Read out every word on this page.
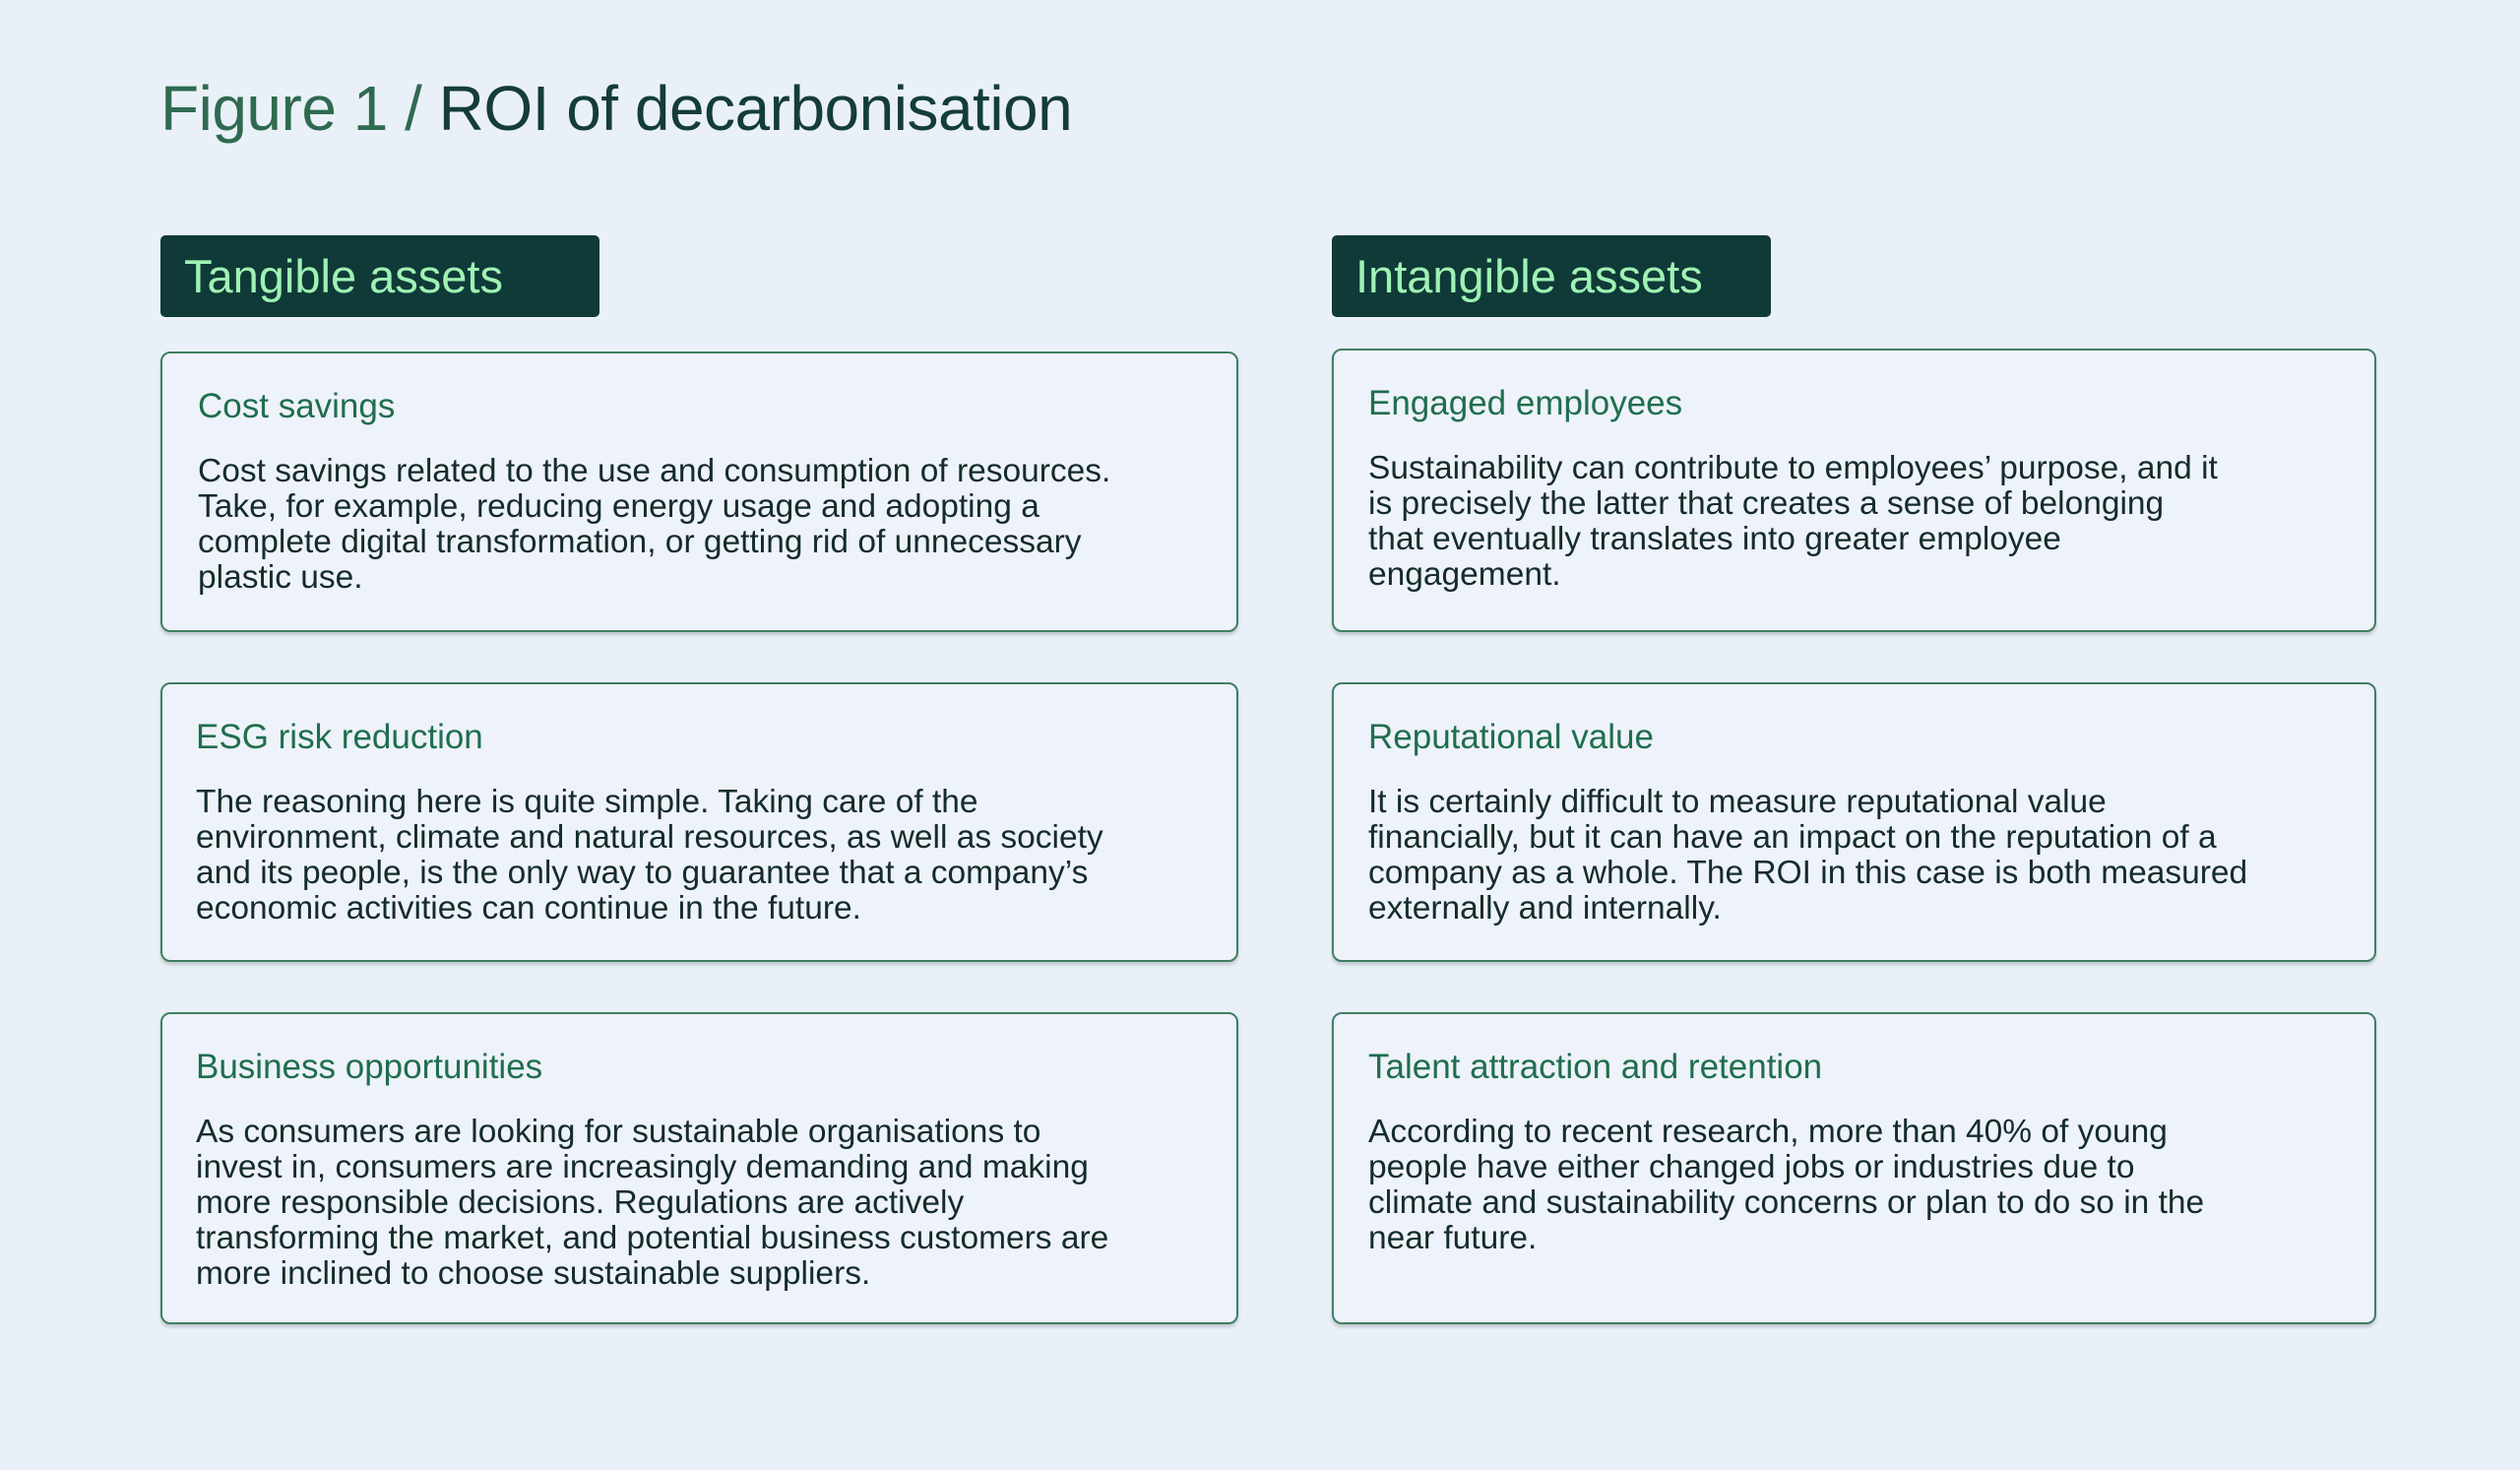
Figure 1 / ROI of decarbonisation
Tangible assets
Cost savings
Cost savings related to the use and consumption of resources.
Take, for example, reducing energy usage and adopting a
complete digital transformation, or getting rid of unnecessary
plastic use.
ESG risk reduction
The reasoning here is quite simple. Taking care of the
environment, climate and natural resources, as well as society
and its people, is the only way to guarantee that a company’s
economic activities can continue in the future.
Business opportunities
As consumers are looking for sustainable organisations to
invest in, consumers are increasingly demanding and making
more responsible decisions. Regulations are actively
transforming the market, and potential business customers are
more inclined to choose sustainable suppliers.
Intangible assets
Engaged employees
Sustainability can contribute to employees’ purpose, and it
is precisely the latter that creates a sense of belonging
that eventually translates into greater employee
engagement.
Reputational value
It is certainly difficult to measure reputational value
financially, but it can have an impact on the reputation of a
company as a whole. The ROI in this case is both measured
externally and internally.
Talent attraction and retention
According to recent research, more than 40% of young
people have either changed jobs or industries due to
climate and sustainability concerns or plan to do so in the
near future.
